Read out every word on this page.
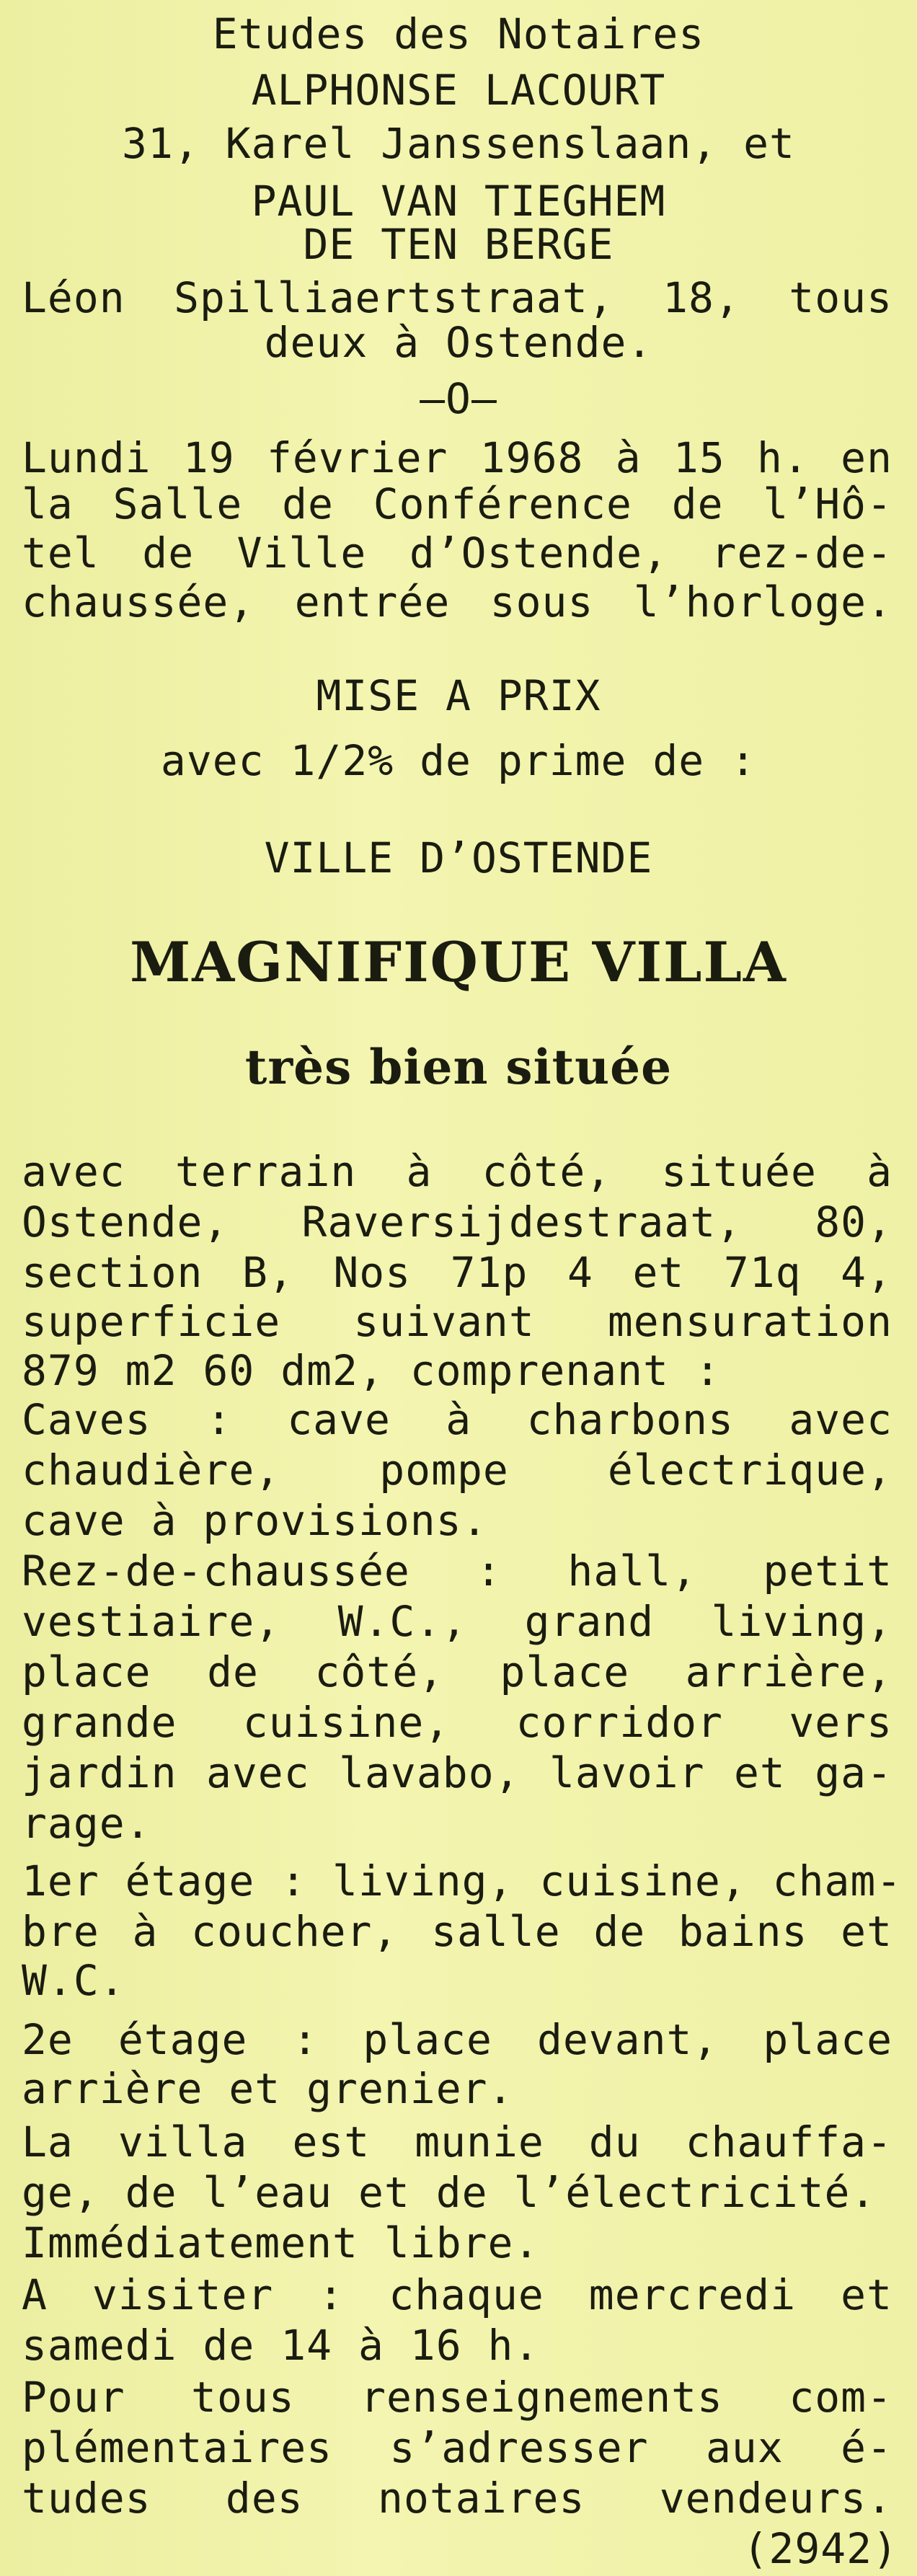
Etudes des Notaires
ALPHONSE LACOURT
31, Karel Janssenslaan, et
PAUL VAN TIEGHEM
DE TEN BERGE
Léon Spilliaertstraat, 18, tous
deux à Ostende.
—O—
Lundi 19 février 1968 à 15 h. en
la Salle de Conférence de l’Hô-
tel de Ville d’Ostende, rez-de-
chaussée, entrée sous l’horloge.
MISE A PRIX
avec 1/2% de prime de :
VILLE D’OSTENDE
MAGNIFIQUE VILLA
très bien située
avec terrain à côté, située à
Ostende, Raversijdestraat, 80,
section B, Nos 71p 4 et 71q 4,
superficie suivant mensuration
879 m2 60 dm2, comprenant :
Caves : cave à charbons avec
chaudière, pompe électrique,
cave à provisions.
Rez-de-chaussée : hall, petit
vestiaire, W.C., grand living,
place de côté, place arrière,
grande cuisine, corridor vers
jardin avec lavabo, lavoir et ga-
rage.
1er étage : living, cuisine, cham-
bre à coucher, salle de bains et
W.C.
2e étage : place devant, place
arrière et grenier.
La villa est munie du chauffa-
ge, de l’eau et de l’électricité.
Immédiatement libre.
A visiter : chaque mercredi et
samedi de 14 à 16 h.
Pour tous renseignements com-
plémentaires s’adresser aux é-
tudes des notaires vendeurs.
(2942)
